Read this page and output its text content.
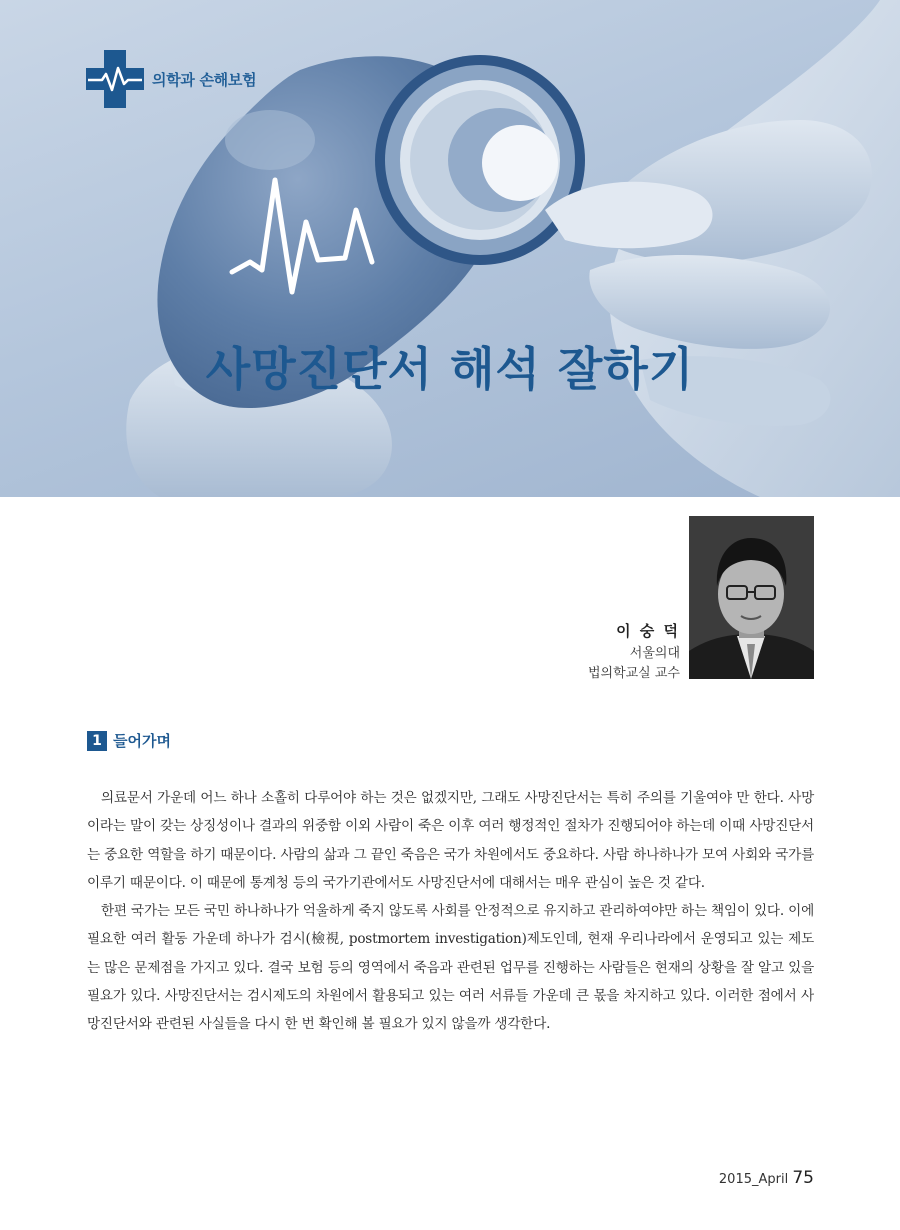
의학과 손해보험
사망진단서 해석 잘하기
이 숭 덕
서울의대
법의학교실 교수
1 들어가며

의료문서 가운데 어느 하나 소홀히 다루어야 하는 것은 없겠지만, 그래도 사망진단서는 특히 주의를 기울여야 만 한다. 사망이라는 말이 갖는 상징성이나 결과의 위중함 이외 사람이 죽은 이후 여러 행정적인 절차가 진행되어야 하는데 이때 사망진단서는 중요한 역할을 하기 때문이다. 사람의 삶과 그 끝인 죽음은 국가 차원에서도 중요하다. 사람 하나하나가 모여 사회와 국가를 이루기 때문이다. 이 때문에 통계청 등의 국가기관에서도 사망진단서에 대해서는 매우 관심이 높은 것 같다.

한편 국가는 모든 국민 하나하나가 억울하게 죽지 않도록 사회를 안정적으로 유지하고 관리하여야만 하는 책임이 있다. 이에 필요한 여러 활동 가운데 하나가 검시(檢視, postmortem investigation)제도인데, 현재 우리나라에서 운영되고 있는 제도는 많은 문제점을 가지고 있다. 결국 보험 등의 영역에서 죽음과 관련된 업무를 진행하는 사람들은 현재의 상황을 잘 알고 있을 필요가 있다. 사망진단서는 검시제도의 차원에서 활용되고 있는 여러 서류들 가운데 큰 몫을 차지하고 있다. 이러한 점에서 사망진단서와 관련된 사실들을 다시 한 번 확인해 볼 필요가 있지 않을까 생각한다.

2015_April 75
